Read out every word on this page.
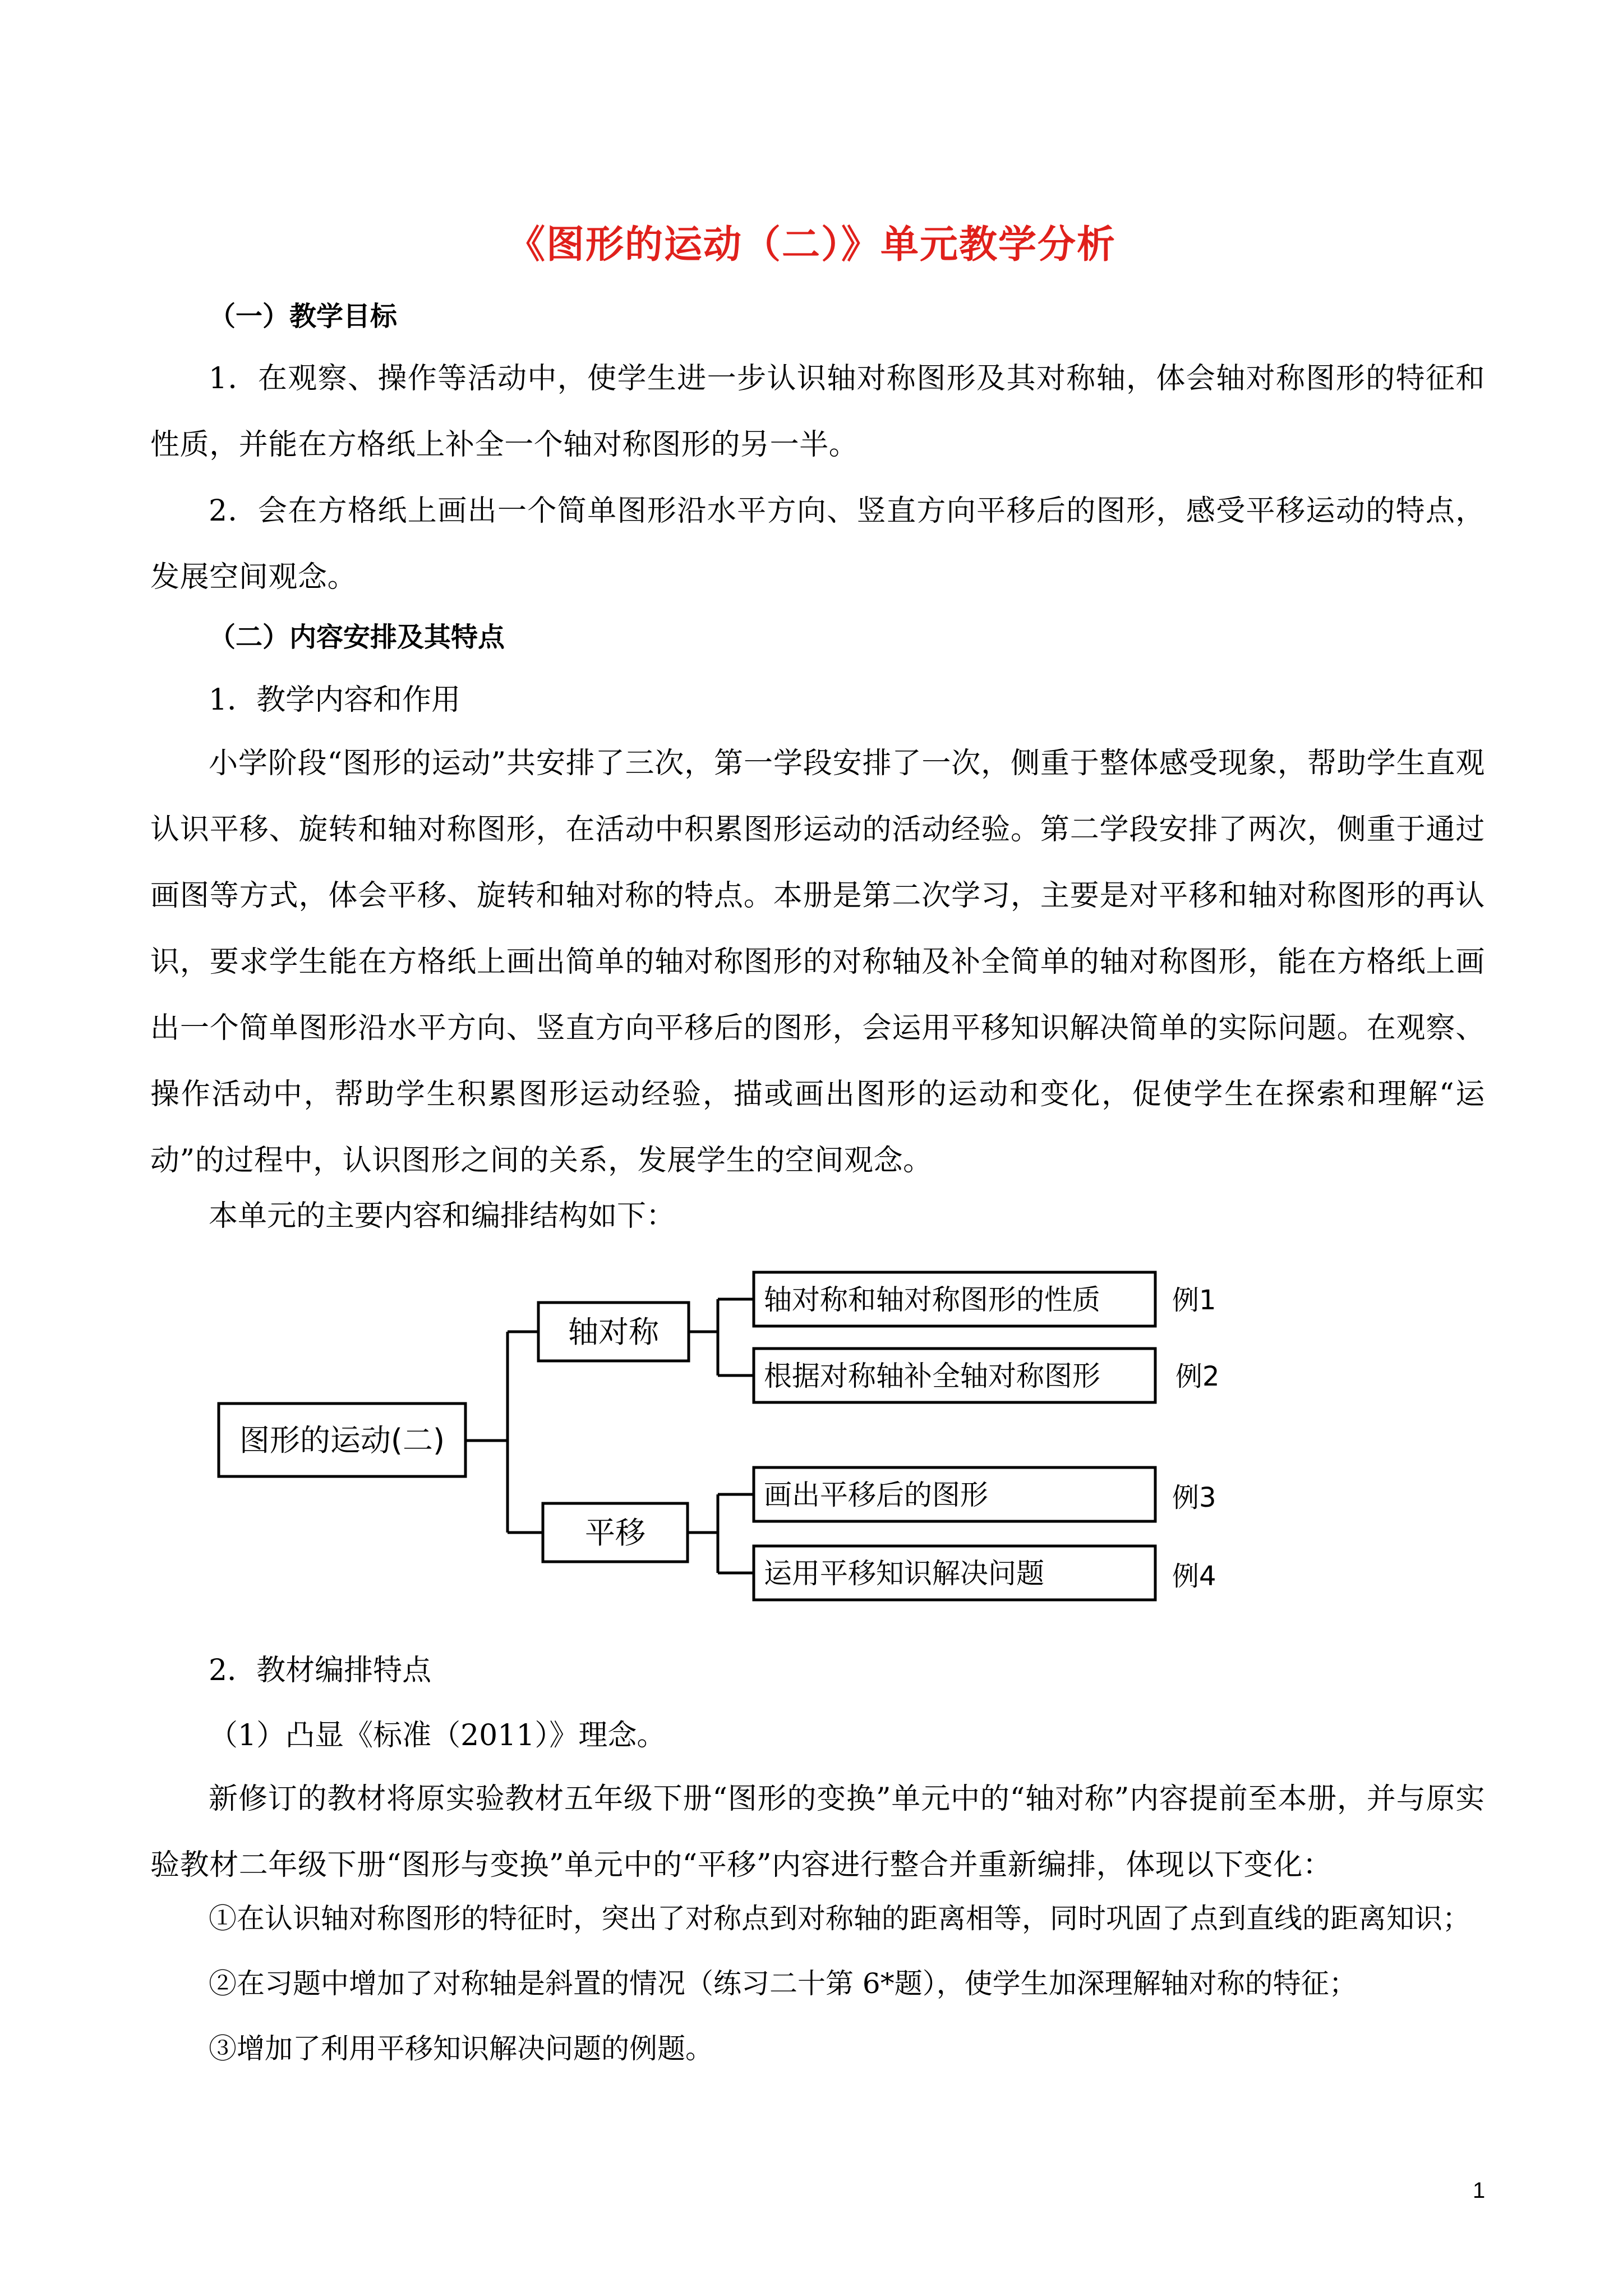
《图形的运动（二）》单元教学分析
（一）教学目标
1．在观察、操作等活动中，使学生进一步认识轴对称图形及其对称轴，体会轴对称图形的特征和性质，并能在方格纸上补全一个轴对称图形的另一半。
2．会在方格纸上画出一个简单图形沿水平方向、竖直方向平移后的图形，感受平移运动的特点，发展空间观念。
（二）内容安排及其特点
1．教学内容和作用
小学阶段“图形的运动”共安排了三次，第一学段安排了一次，侧重于整体感受现象，帮助学生直观认识平移、旋转和轴对称图形，在活动中积累图形运动的活动经验。第二学段安排了两次，侧重于通过画图等方式，体会平移、旋转和轴对称的特点。本册是第二次学习，主要是对平移和轴对称图形的再认识，要求学生能在方格纸上画出简单的轴对称图形的对称轴及补全简单的轴对称图形，能在方格纸上画出一个简单图形沿水平方向、竖直方向平移后的图形，会运用平移知识解决简单的实际问题。在观察、操作活动中，帮助学生积累图形运动经验，描或画出图形的运动和变化，促使学生在探索和理解“运动”的过程中，认识图形之间的关系，发展学生的空间观念。
本单元的主要内容和编排结构如下：
图形的运动(二)
轴对称
平移
轴对称和轴对称图形的性质
根据对称轴补全轴对称图形
画出平移后的图形
运用平移知识解决问题
例1
例2
例3
例4
2．教材编排特点
（1）凸显《标准（2011）》理念。
新修订的教材将原实验教材五年级下册“图形的变换”单元中的“轴对称”内容提前至本册，并与原实验教材二年级下册“图形与变换”单元中的“平移”内容进行整合并重新编排，体现以下变化：
①在认识轴对称图形的特征时，突出了对称点到对称轴的距离相等，同时巩固了点到直线的距离知识；
②在习题中增加了对称轴是斜置的情况（练习二十第 6*题），使学生加深理解轴对称的特征；
③增加了利用平移知识解决问题的例题。
1
